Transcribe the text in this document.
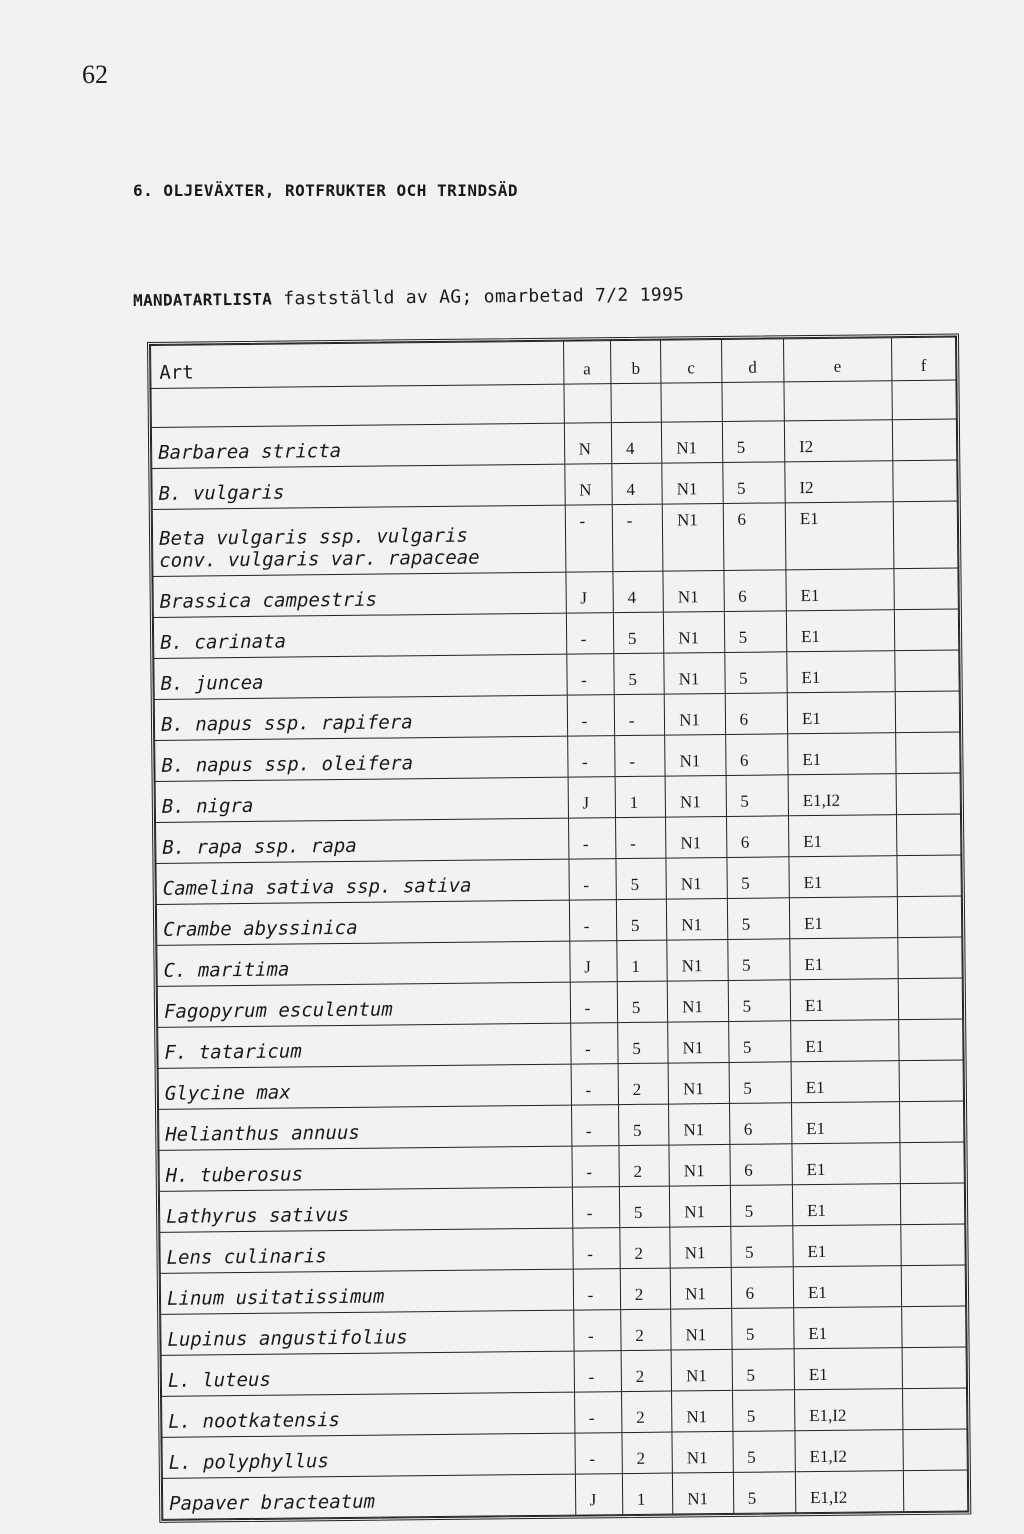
62
6. OLJEVÄXTER, ROTFRUKTER OCH TRINDSÄD
MANDATARTLISTA fastställd av AG; omarbetad 7/2 1995
Art	a	b	c	d	e	f

Barbarea stricta	N	4	N1	5	I2	
B. vulgaris	N	4	N1	5	I2	
Beta vulgaris ssp. vulgaris
conv. vulgaris var. rapaceae	-	-	N1	6	E1	
Brassica campestris	J	4	N1	6	E1	
B. carinata	-	5	N1	5	E1	
B. juncea	-	5	N1	5	E1	
B. napus ssp. rapifera	-	-	N1	6	E1	
B. napus ssp. oleifera	-	-	N1	6	E1	
B. nigra	J	1	N1	5	E1,I2	
B. rapa ssp. rapa	-	-	N1	6	E1	
Camelina sativa ssp. sativa	-	5	N1	5	E1	
Crambe abyssinica	-	5	N1	5	E1	
C. maritima	J	1	N1	5	E1	
Fagopyrum esculentum	-	5	N1	5	E1	
F. tataricum	-	5	N1	5	E1	
Glycine max	-	2	N1	5	E1	
Helianthus annuus	-	5	N1	6	E1	
H. tuberosus	-	2	N1	6	E1	
Lathyrus sativus	-	5	N1	5	E1	
Lens culinaris	-	2	N1	5	E1	
Linum usitatissimum	-	2	N1	6	E1	
Lupinus angustifolius	-	2	N1	5	E1	
L. luteus	-	2	N1	5	E1	
L. nootkatensis	-	2	N1	5	E1,I2	
L. polyphyllus	-	2	N1	5	E1,I2	
Papaver bracteatum	J	1	N1	5	E1,I2	
